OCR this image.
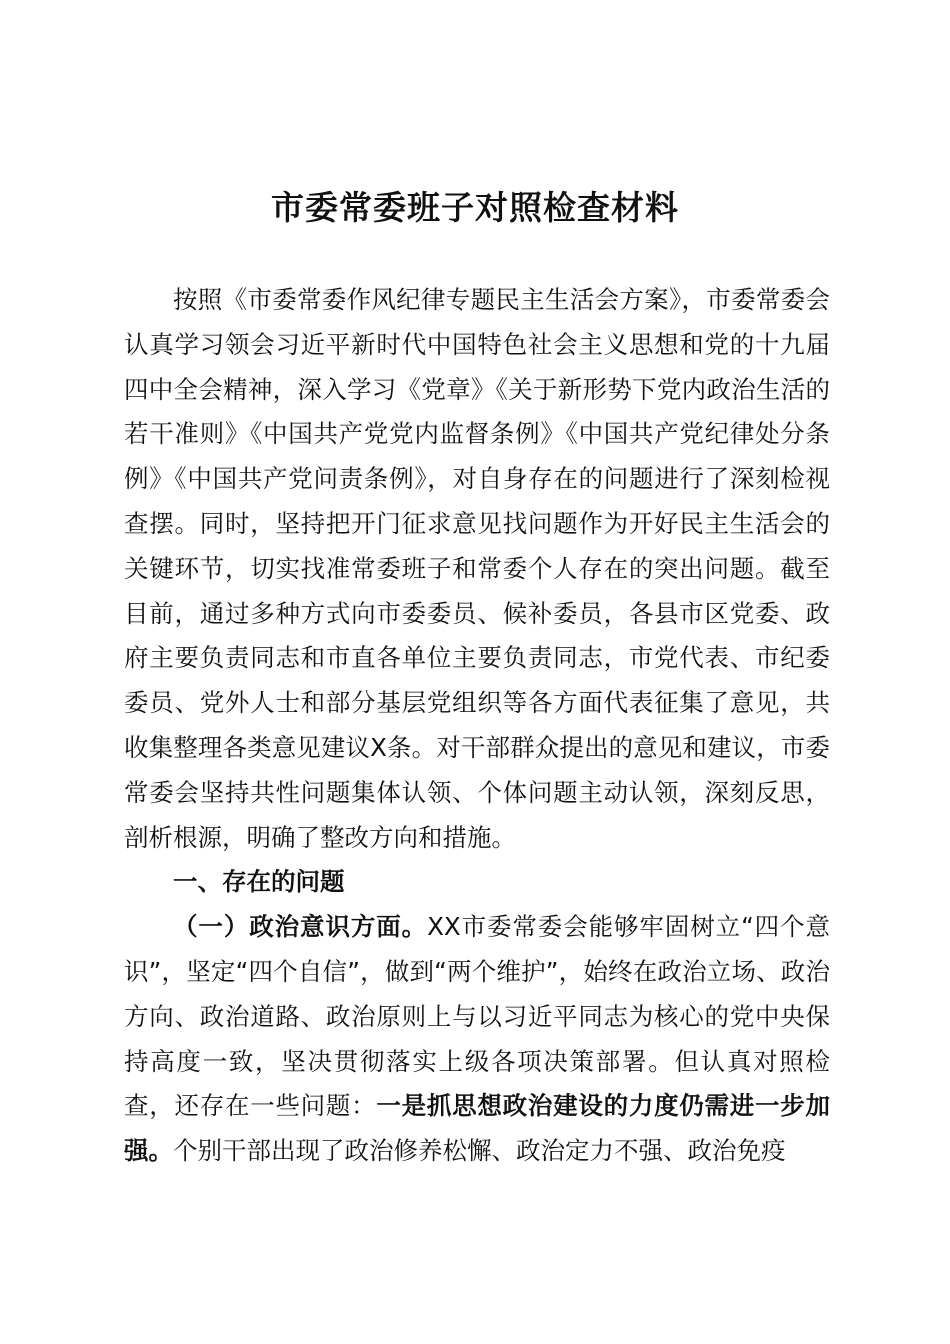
市委常委班子对照检查材料

按照《市委常委作风纪律专题民主生活会方案》，市委常委会认真学习领会习近平新时代中国特色社会主义思想和党的十九届四中全会精神，深入学习《党章》《关于新形势下党内政治生活的若干准则》《中国共产党党内监督条例》《中国共产党纪律处分条例》《中国共产党问责条例》，对自身存在的问题进行了深刻检视查摆。同时，坚持把开门征求意见找问题作为开好民主生活会的关键环节，切实找准常委班子和常委个人存在的突出问题。截至目前，通过多种方式向市委委员、候补委员，各县市区党委、政府主要负责同志和市直各单位主要负责同志，市党代表、市纪委委员、党外人士和部分基层党组织等各方面代表征集了意见，共收集整理各类意见建议X条。对干部群众提出的意见和建议，市委常委会坚持共性问题集体认领、个体问题主动认领，深刻反思，剖析根源，明确了整改方向和措施。

一、存在的问题

（一）政治意识方面。XX市委常委会能够牢固树立“四个意识”，坚定“四个自信”，做到“两个维护”，始终在政治立场、政治方向、政治道路、政治原则上与以习近平同志为核心的党中央保持高度一致，坚决贯彻落实上级各项决策部署。但认真对照检查，还存在一些问题：一是抓思想政治建设的力度仍需进一步加强。个别干部出现了政治修养松懈、政治定力不强、政治免疫
